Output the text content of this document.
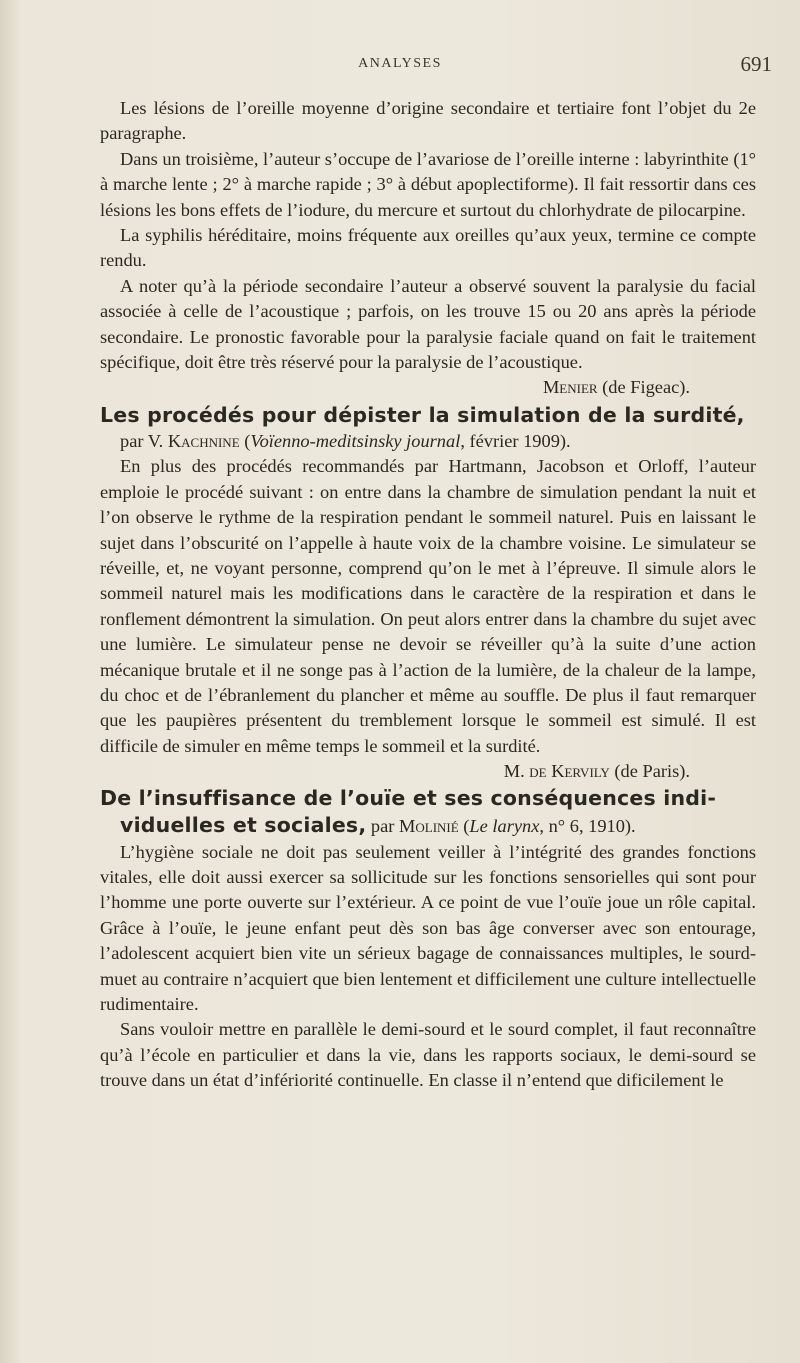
ANALYSES	691

Les lésions de l’oreille moyenne d’origine secondaire et tertiaire font l’objet du 2e paragraphe.

Dans un troisième, l’auteur s’occupe de l’avariose de l’oreille interne : labyrinthite (1° à marche lente ; 2° à marche rapide ; 3° à début apoplectiforme). Il fait ressortir dans ces lésions les bons effets de l’iodure, du mercure et surtout du chlorhydrate de pilocarpine.

La syphilis héréditaire, moins fréquente aux oreilles qu’aux yeux, termine ce compte rendu.

A noter qu’à la période secondaire l’auteur a observé souvent la paralysie du facial associée à celle de l’acoustique ; parfois, on les trouve 15 ou 20 ans après la période secondaire. Le pronostic favorable pour la paralysie faciale quand on fait le traitement spécifique, doit être très réservé pour la paralysie de l’acoustique.

Menier (de Figeac).

Les procédés pour dépister la simulation de la surdité,

par V. Kachnine (Voïenno-meditsinsky journal, février 1909).

En plus des procédés recommandés par Hartmann, Jacobson et Orloff, l’auteur emploie le procédé suivant : on entre dans la chambre de simulation pendant la nuit et l’on observe le rythme de la respiration pendant le sommeil naturel. Puis en laissant le sujet dans l’obscurité on l’appelle à haute voix de la chambre voisine. Le simulateur se réveille, et, ne voyant personne, comprend qu’on le met à l’épreuve. Il simule alors le sommeil naturel mais les modifications dans le caractère de la respiration et dans le ronflement démontrent la simulation. On peut alors entrer dans la chambre du sujet avec une lumière. Le simulateur pense ne devoir se réveiller qu’à la suite d’une action mécanique brutale et il ne songe pas à l’action de la lumière, de la chaleur de la lampe, du choc et de l’ébranlement du plancher et même au souffle. De plus il faut remarquer que les paupières présentent du tremblement lorsque le sommeil est simulé. Il est difficile de simuler en même temps le sommeil et la surdité.

M. de Kervily (de Paris).

De l’insuffisance de l’ouïe et ses conséquences indi-
viduelles et sociales, par Molinié (Le larynx, n° 6, 1910).

L’hygiène sociale ne doit pas seulement veiller à l’intégrité des grandes fonctions vitales, elle doit aussi exercer sa sollicitude sur les fonctions sensorielles qui sont pour l’homme une porte ouverte sur l’extérieur. A ce point de vue l’ouïe joue un rôle capital. Grâce à l’ouïe, le jeune enfant peut dès son bas âge converser avec son entourage, l’adolescent acquiert bien vite un sérieux bagage de connaissances multiples, le sourd-muet au contraire n’acquiert que bien lentement et difficilement une culture intellectuelle rudimentaire.

Sans vouloir mettre en parallèle le demi-sourd et le sourd complet, il faut reconnaître qu’à l’école en particulier et dans la vie, dans les rapports sociaux, le demi-sourd se trouve dans un état d’infériorité continuelle. En classe il n’entend que dificilement le
